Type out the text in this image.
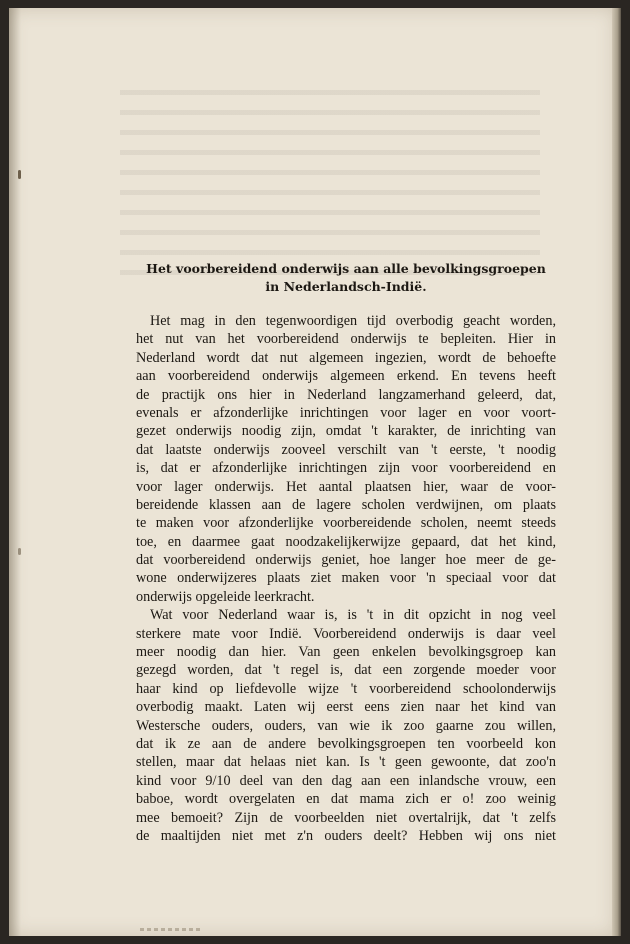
Het voorbereidend onderwijs aan alle bevolkingsgroepen
in Nederlandsch-Indië.
Het mag in den tegenwoordigen tijd overbodig geacht worden,
het nut van het voorbereidend onderwijs te bepleiten. Hier in
Nederland wordt dat nut algemeen ingezien, wordt de behoefte
aan voorbereidend onderwijs algemeen erkend. En tevens heeft
de practijk ons hier in Nederland langzamerhand geleerd, dat,
evenals er afzonderlijke inrichtingen voor lager en voor voort-
gezet onderwijs noodig zijn, omdat 't karakter, de inrichting van
dat laatste onderwijs zooveel verschilt van 't eerste, 't noodig
is, dat er afzonderlijke inrichtingen zijn voor voorbereidend en
voor lager onderwijs. Het aantal plaatsen hier, waar de voor-
bereidende klassen aan de lagere scholen verdwijnen, om plaats
te maken voor afzonderlijke voorbereidende scholen, neemt steeds
toe, en daarmee gaat noodzakelijkerwijze gepaard, dat het kind,
dat voorbereidend onderwijs geniet, hoe langer hoe meer de ge-
wone onderwijzeres plaats ziet maken voor 'n speciaal voor dat
onderwijs opgeleide leerkracht.
Wat voor Nederland waar is, is 't in dit opzicht in nog veel
sterkere mate voor Indië. Voorbereidend onderwijs is daar veel
meer noodig dan hier. Van geen enkelen bevolkingsgroep kan
gezegd worden, dat 't regel is, dat een zorgende moeder voor
haar kind op liefdevolle wijze 't voorbereidend schoolonderwijs
overbodig maakt. Laten wij eerst eens zien naar het kind van
Westersche ouders, ouders, van wie ik zoo gaarne zou willen,
dat ik ze aan de andere bevolkingsgroepen ten voorbeeld kon
stellen, maar dat helaas niet kan. Is 't geen gewoonte, dat zoo'n
kind voor 9/10 deel van den dag aan een inlandsche vrouw, een
baboe, wordt overgelaten en dat mama zich er o! zoo weinig
mee bemoeit? Zijn de voorbeelden niet overtalrijk, dat 't zelfs
de maaltijden niet met z'n ouders deelt? Hebben wij ons niet
